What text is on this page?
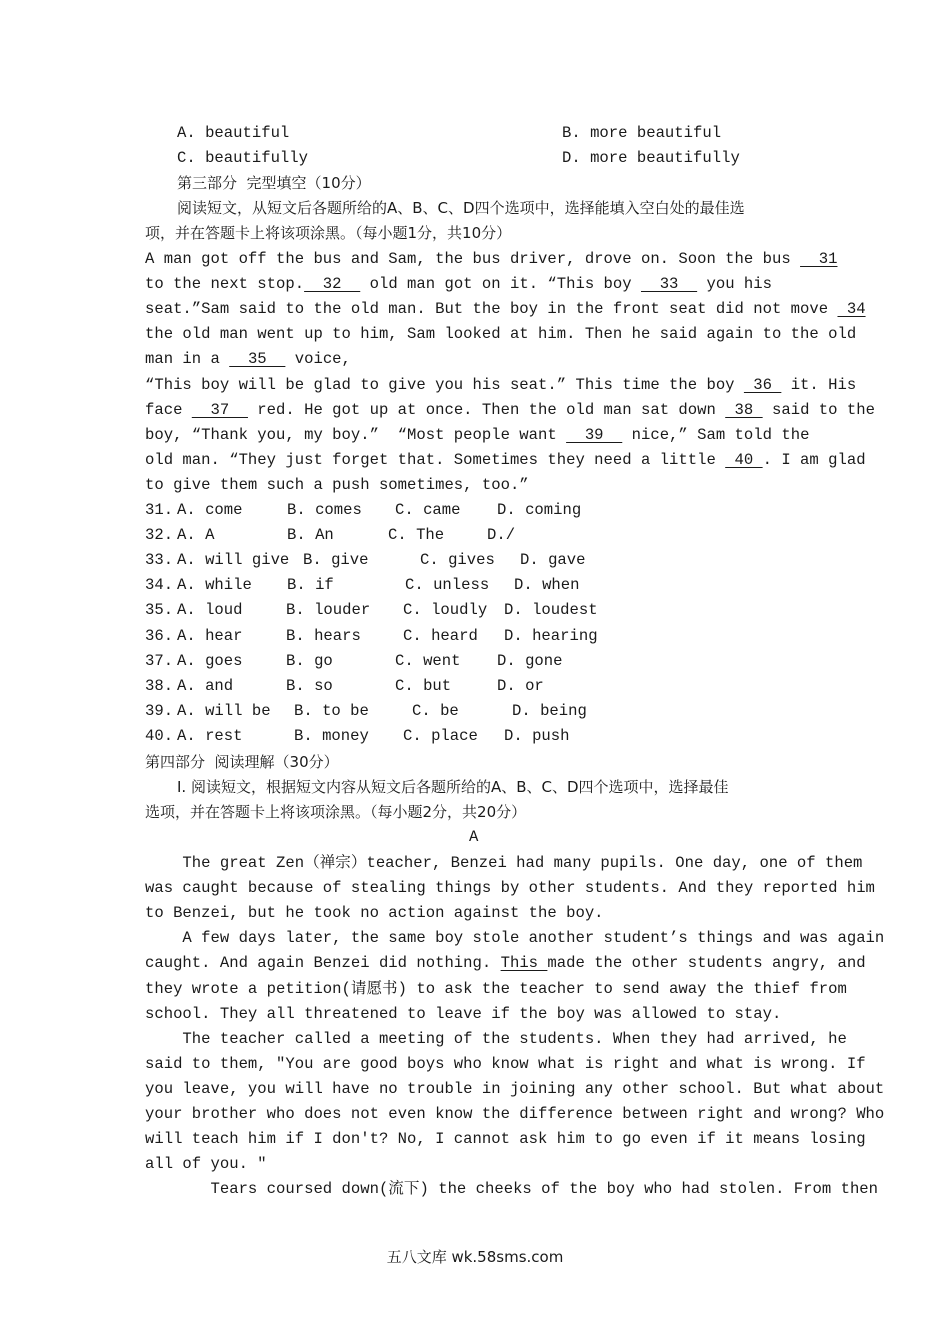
A. beautiful	B. more beautiful
C. beautifully	D. more beautifully
第三部分  完型填空（10分）
阅读短文，从短文后各题所给的A、B、C、D四个选项中，选择能填入空白处的最佳选
项，并在答题卡上将该项涂黑。（每小题1分，共10分）
A man got off the bus and Sam, the bus driver, drove on. Soon the bus   31
to the next stop.  32   old man got on it. “This boy   33   you his
seat.”Sam said to the old man. But the boy in the front seat did not move  34
the old man went up to him, Sam looked at him. Then he said again to the old
man in a   35   voice,
“This boy will be glad to give you his seat.” This time the boy  36  it. His
face   37   red. He got up at once. Then the old man sat down  38  said to the
boy, “Thank you, my boy.”  “Most people want   39   nice,” Sam told the
old man. “They just forget that. Sometimes they need a little  40 . I am glad
to give them such a push sometimes, too.”
31. A. come	B. comes C. came D. coming
32. A. A	B. An	C. The	D./
33. A. will give B. give	C. gives D. gave
34. A. while B. if	C. unless D. when
35. A. loud	B. louder C. loudly D. loudest
36. A. hear	B. hears	C. heard D. hearing
37. A. goes	B. go	C. went D. gone
38. A. and	B. so	C. but	D. or
39. A. will be B. to be	C. be	D. being
40. A. rest	B. money C. place D. push
第四部分  阅读理解（30分）
I. 阅读短文，根据短文内容从短文后各题所给的A、B、C、D四个选项中，选择最佳
选项，并在答题卡上将该项涂黑。（每小题2分，共20分）
A
The great Zen（禅宗）teacher, Benzei had many pupils. One day, one of them
was caught because of stealing things by other students. And they reported him
to Benzei, but he took no action against the boy.
A few days later, the same boy stole another student’s things and was again
caught. And again Benzei did nothing. This made the other students angry, and
they wrote a petition(请愿书) to ask the teacher to send away the thief from
school. They all threatened to leave if the boy was allowed to stay.
The teacher called a meeting of the students. When they had arrived, he
said to them, "You are good boys who know what is right and what is wrong. If
you leave, you will have no trouble in joining any other school. But what about
your brother who does not even know the difference between right and wrong? Who
will teach him if I don't? No, I cannot ask him to go even if it means losing
all of you. "
Tears coursed down(流下) the cheeks of the boy who had stolen. From then
五八文库 wk.58sms.com
